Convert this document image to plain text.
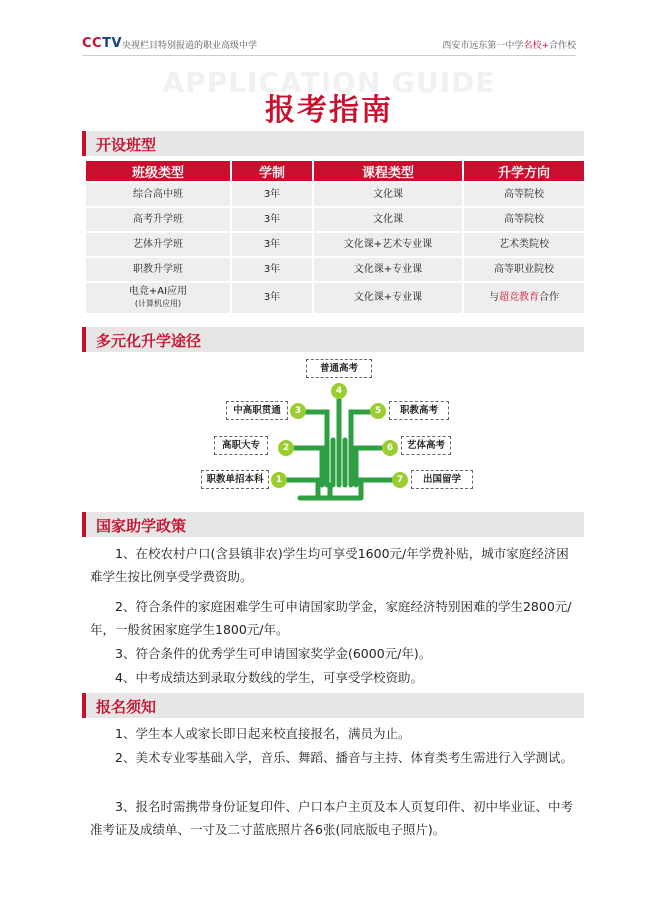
CCTV 央视栏目特别报道的职业高级中学	西安市远东第一中学名校+合作校
APPLICATION GUIDE
报考指南
开设班型
班级类型	学制	课程类型	升学方向
综合高中班	3年	文化课	高等院校
高考升学班	3年	文化课	高等院校
艺体升学班	3年	文化课+艺术专业课	艺术类院校
职教升学班	3年	文化课+专业课	高等职业院校
电竞+AI应用
(计算机应用)	3年	文化课+专业课	与超竞教育合作
多元化升学途径
普通高考
4
中高职贯通	3	职教高考
5
高职大专	2	艺体高考
6
职教单招本科	1	出国留学
7
国家助学政策
1、在校农村户口(含县镇非农)学生均可享受1600元/年学费补贴，城市家庭经济困难学生按比例享受学费资助。
2、符合条件的家庭困难学生可申请国家助学金，家庭经济特别困难的学生2800元/年，一般贫困家庭学生1800元/年。
3、符合条件的优秀学生可申请国家奖学金(6000元/年)。
4、中考成绩达到录取分数线的学生，可享受学校资助。
报名须知
1、学生本人或家长即日起来校直接报名，满员为止。
2、美术专业零基础入学，音乐、舞蹈、播音与主持、体育类考生需进行入学测试。
3、报名时需携带身份证复印件、户口本户主页及本人页复印件、初中毕业证、中考准考证及成绩单、一寸及二寸蓝底照片各6张(同底版电子照片)。
